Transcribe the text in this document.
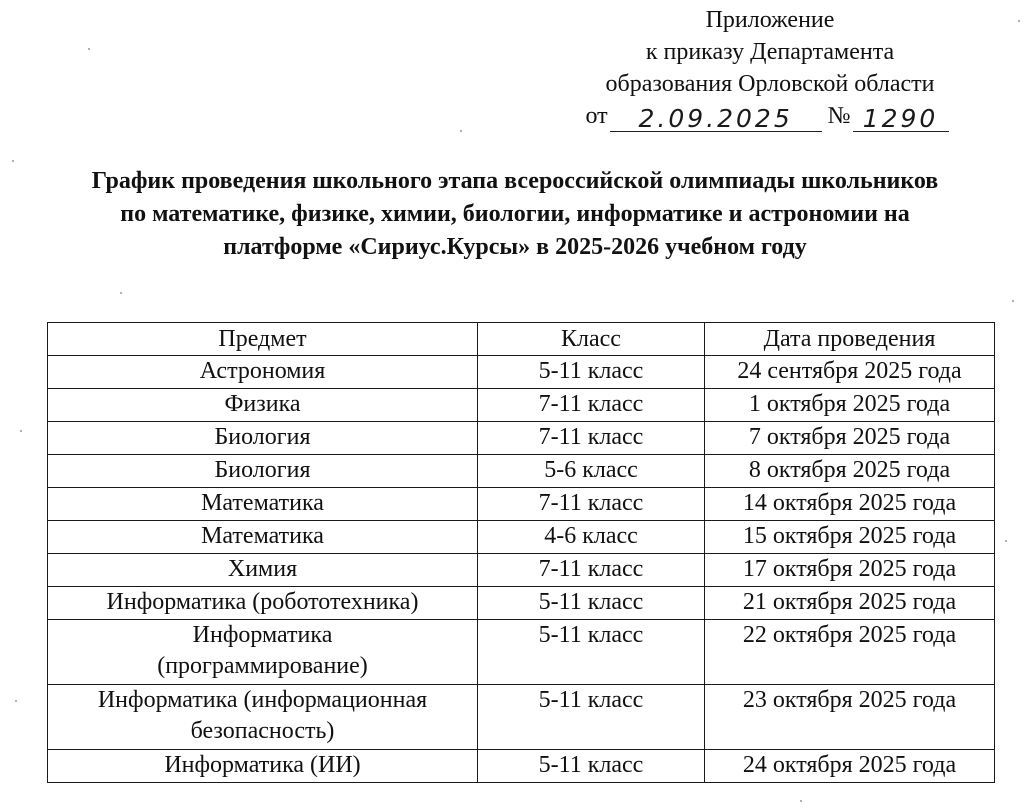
Приложение
к приказу Департамента
образования Орловской области
от 2.09.2025 № 1290
График проведения школьного этапа всероссийской олимпиады школьников
по математике, физике, химии, биологии, информатике и астрономии на
платформе «Сириус.Курсы» в 2025-2026 учебном году
Предмет	Класс	Дата проведения
Астрономия	5-11 класс	24 сентября 2025 года
Физика	7-11 класс	1 октября 2025 года
Биология	7-11 класс	7 октября 2025 года
Биология	5-6 класс	8 октября 2025 года
Математика	7-11 класс	14 октября 2025 года
Математика	4-6 класс	15 октября 2025 года
Химия	7-11 класс	17 октября 2025 года
Информатика (робототехника)	5-11 класс	21 октября 2025 года
Информатика (программирование)	5-11 класс	22 октября 2025 года
Информатика (информационная безопасность)	5-11 класс	23 октября 2025 года
Информатика (ИИ)	5-11 класс	24 октября 2025 года
